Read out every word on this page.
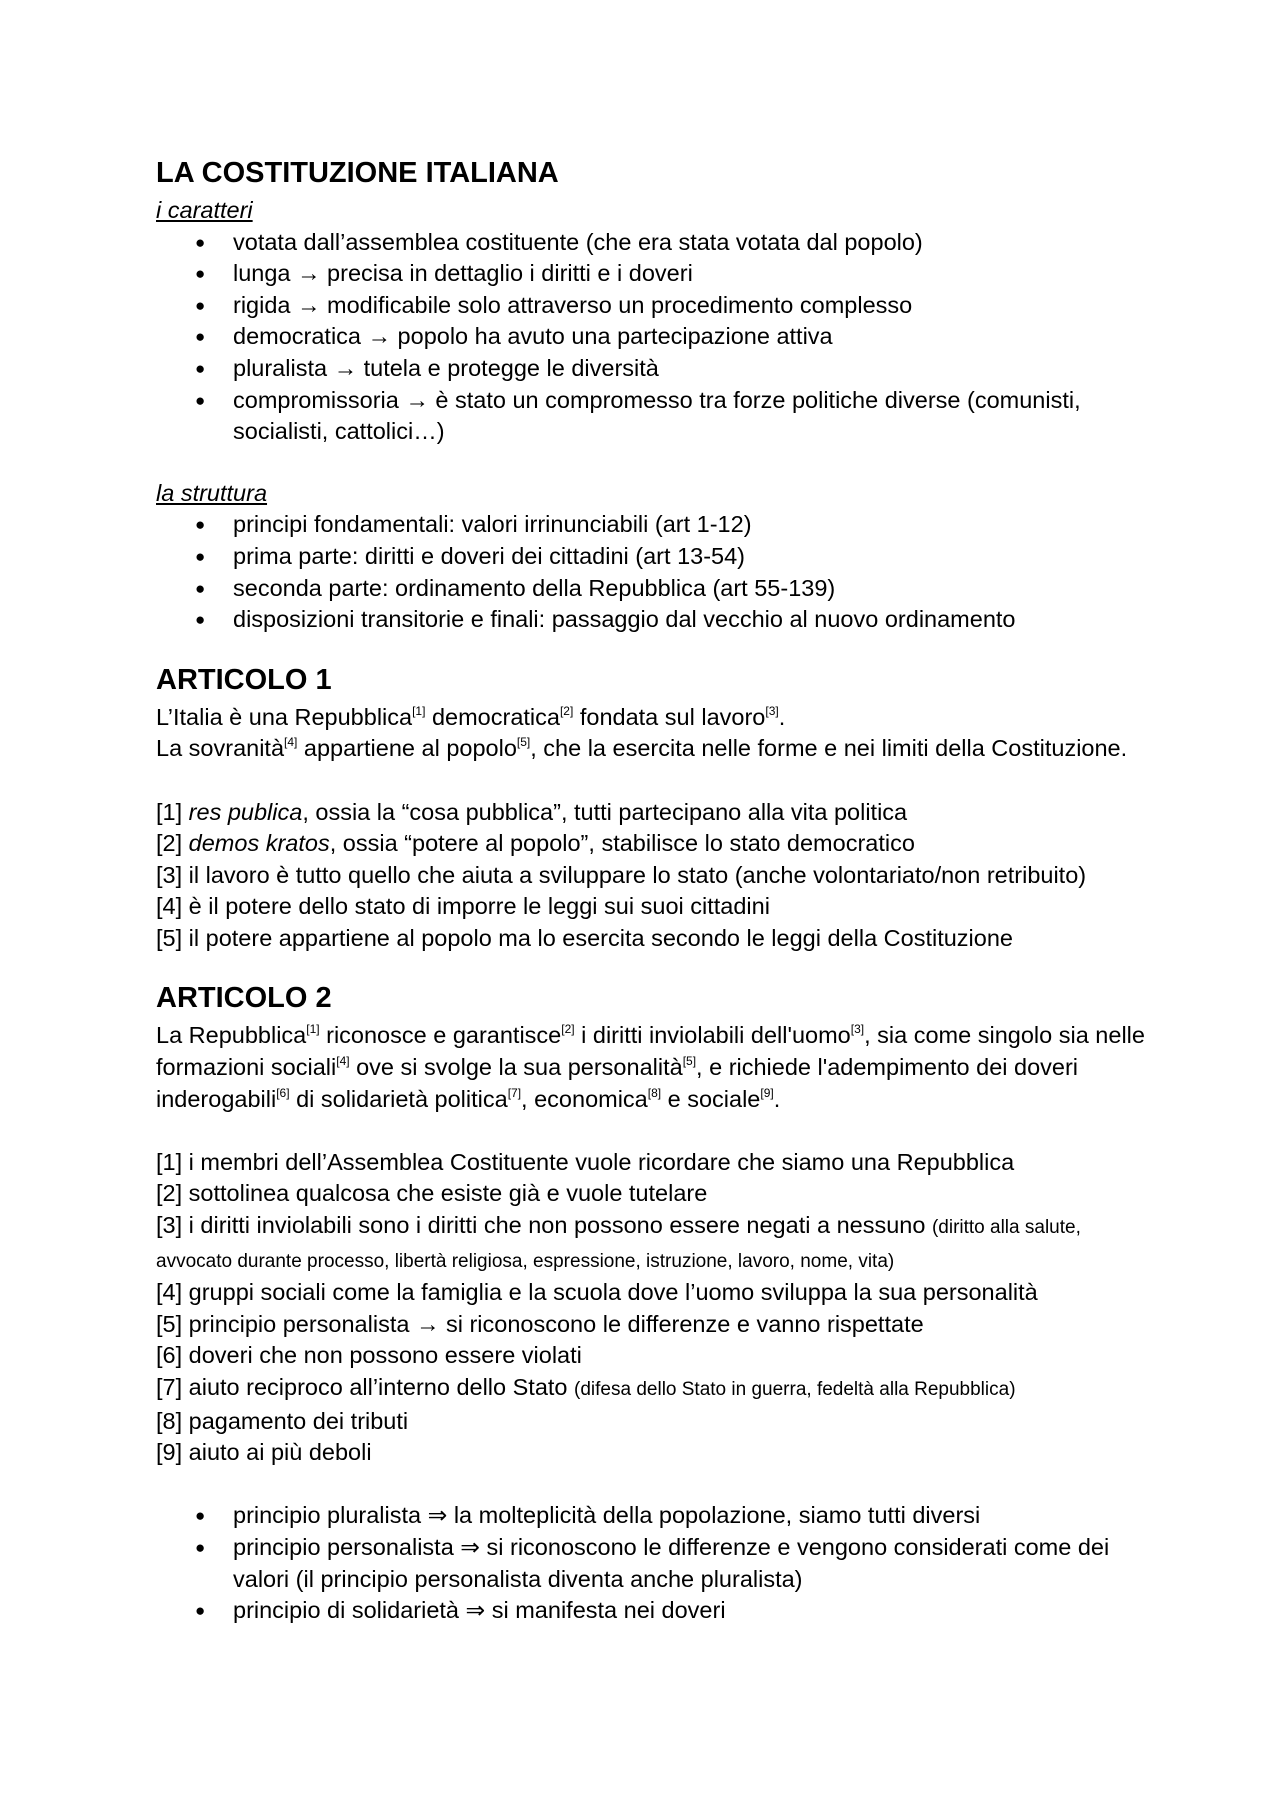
LA COSTITUZIONE ITALIANA

i caratteri

● votata dall’assemblea costituente (che era stata votata dal popolo)
● lunga → precisa in dettaglio i diritti e i doveri
● rigida → modificabile solo attraverso un procedimento complesso
● democratica → popolo ha avuto una partecipazione attiva
● pluralista → tutela e protegge le diversità
● compromissoria → è stato un compromesso tra forze politiche diverse (comunisti, socialisti, cattolici…)

la struttura

● principi fondamentali: valori irrinunciabili (art 1-12)
● prima parte: diritti e doveri dei cittadini (art 13-54)
● seconda parte: ordinamento della Repubblica (art 55-139)
● disposizioni transitorie e finali: passaggio dal vecchio al nuovo ordinamento
ARTICOLO 1

L’Italia è una Repubblica[1] democratica[2] fondata sul lavoro[3].
La sovranità[4] appartiene al popolo[5], che la esercita nelle forme e nei limiti della Costituzione.

[1] res publica, ossia la “cosa pubblica”, tutti partecipano alla vita politica

[2] demos kratos, ossia “potere al popolo”, stabilisce lo stato democratico

[3] il lavoro è tutto quello che aiuta a sviluppare lo stato (anche volontariato/non retribuito)

[4] è il potere dello stato di imporre le leggi sui suoi cittadini

[5] il potere appartiene al popolo ma lo esercita secondo le leggi della Costituzione

ARTICOLO 2

La Repubblica[1] riconosce e garantisce[2] i diritti inviolabili dell'uomo[3], sia come singolo sia nelle formazioni sociali[4] ove si svolge la sua personalità[5], e richiede l'adempimento dei doveri inderogabili[6] di solidarietà politica[7], economica[8] e sociale[9].

[1] i membri dell’Assemblea Costituente vuole ricordare che siamo una Repubblica

[2] sottolinea qualcosa che esiste già e vuole tutelare

[3] i diritti inviolabili sono i diritti che non possono essere negati a nessuno (diritto alla salute, avvocato durante processo, libertà religiosa, espressione, istruzione, lavoro, nome, vita)

[4] gruppi sociali come la famiglia e la scuola dove l’uomo sviluppa la sua personalità

[5] principio personalista → si riconoscono le differenze e vanno rispettate

[6] doveri che non possono essere violati

[7] aiuto reciproco all’interno dello Stato (difesa dello Stato in guerra, fedeltà alla Repubblica)

[8] pagamento dei tributi

[9] aiuto ai più deboli

● principio pluralista ⇒ la molteplicità della popolazione, siamo tutti diversi
● principio personalista ⇒ si riconoscono le differenze e vengono considerati come dei valori (il principio personalista diventa anche pluralista)
● principio di solidarietà ⇒ si manifesta nei doveri
